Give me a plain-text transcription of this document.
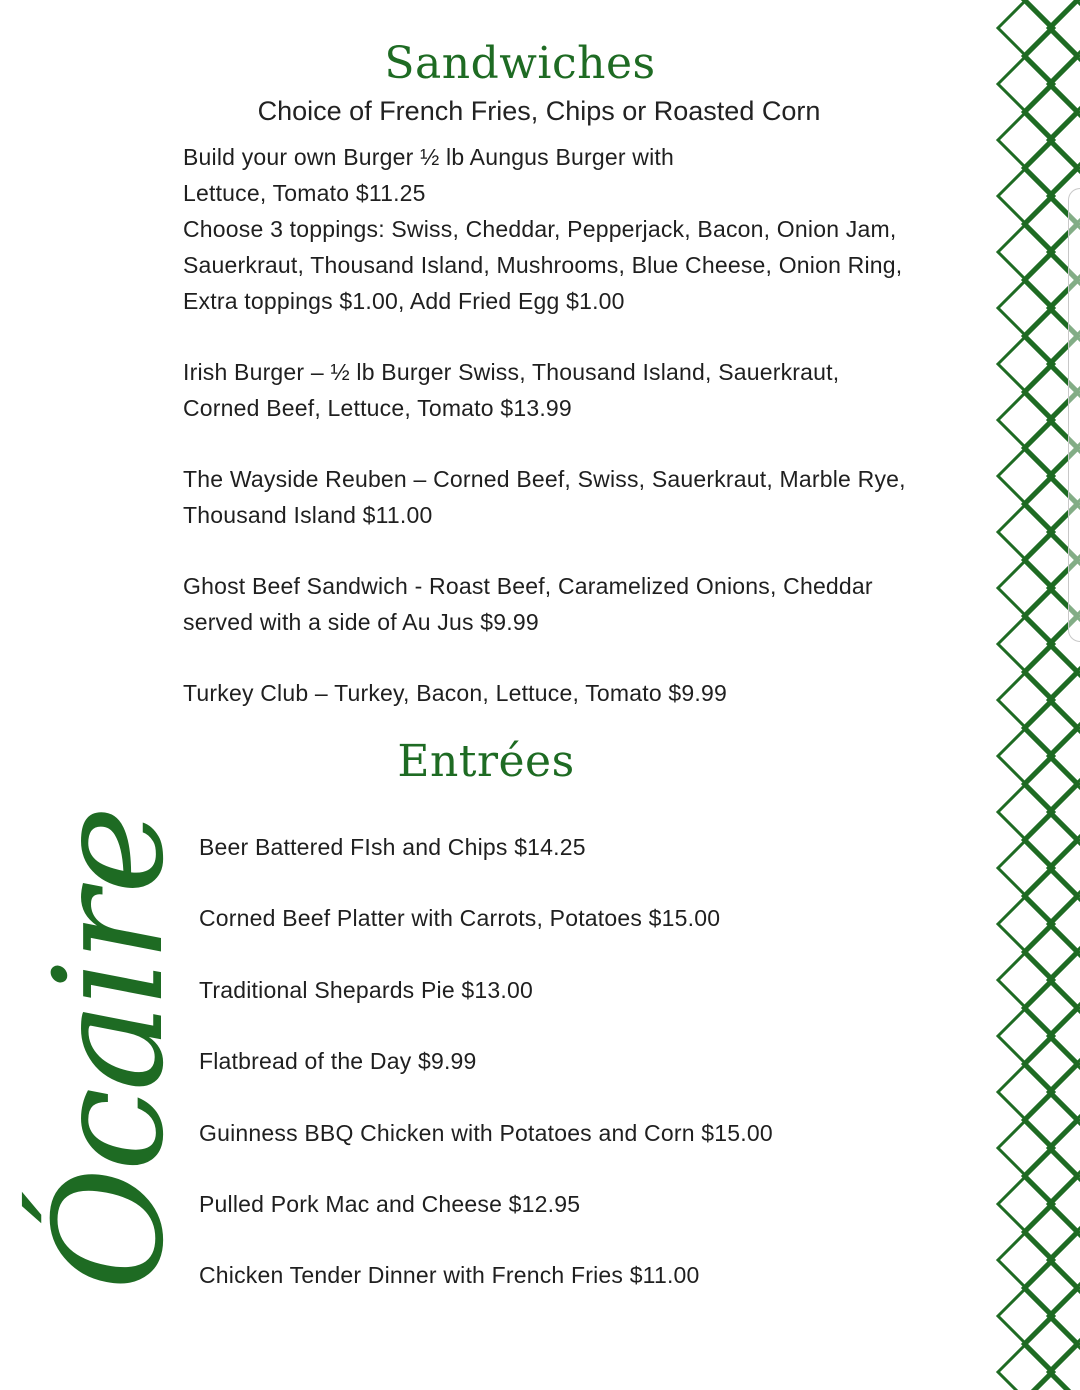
Sandwiches

Choice of French Fries, Chips or Roasted Corn

Build your own Burger ½ lb Aungus Burger with
Lettuce, Tomato $11.25
Choose 3 toppings: Swiss, Cheddar, Pepperjack, Bacon, Onion Jam,
Sauerkraut, Thousand Island, Mushrooms, Blue Cheese, Onion Ring,
Extra toppings $1.00, Add Fried Egg $1.00
Irish Burger – ½ lb Burger Swiss, Thousand Island, Sauerkraut,
Corned Beef, Lettuce, Tomato $13.99
The Wayside Reuben – Corned Beef, Swiss, Sauerkraut, Marble Rye,
Thousand Island $11.00
Ghost Beef Sandwich - Roast Beef, Caramelized Onions, Cheddar
served with a side of Au Jus $9.99
Turkey Club – Turkey, Bacon, Lettuce, Tomato $9.99
Entrées
Beer Battered FIsh and Chips $14.25
Corned Beef Platter with Carrots, Potatoes $15.00
Traditional Shepards Pie $13.00
Flatbread of the Day $9.99
Guinness BBQ Chicken with Potatoes and Corn $15.00
Pulled Pork Mac and Cheese $12.95
Chicken Tender Dinner with French Fries $11.00
Ócaire
